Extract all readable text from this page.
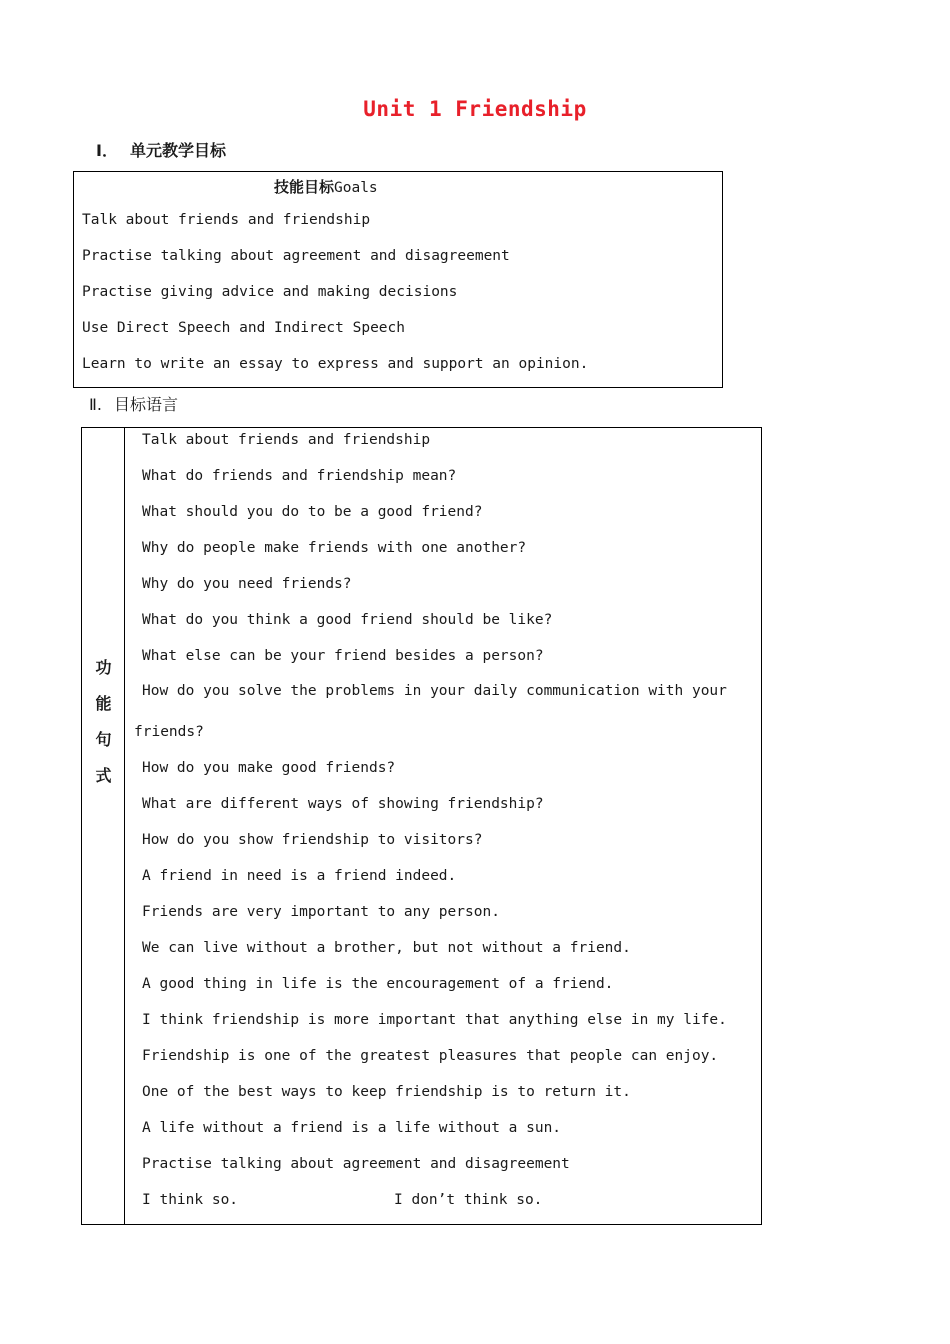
Unit 1 Friendship
Ⅰ． 单元教学目标
技能目标Goals
Talk about friends and friendship
Practise talking about agreement and disagreement
Practise giving advice and making decisions
Use Direct Speech and Indirect Speech
Learn to write an essay to express and support an opinion.
Ⅱ. 目标语言
功
能
句
式
Talk about friends and friendship
What do friends and friendship mean?
What should you do to be a good friend?
Why do people make friends with one another?
Why do you need friends?
What do you think a good friend should be like?
What else can be your friend besides a person?
How do you solve the problems in your daily communication with your
friends?
How do you make good friends?
What are different ways of showing friendship?
How do you show friendship to visitors?
A friend in need is a friend indeed.
Friends are very important to any person.
We can live without a brother, but not without a friend.
A good thing in life is the encouragement of a friend.
I think friendship is more important that anything else in my life.
Friendship is one of the greatest pleasures that people can enjoy.
One of the best ways to keep friendship is to return it.
A life without a friend is a life without a sun.
Practise talking about agreement and disagreement
I think so.	I don’t think so.
